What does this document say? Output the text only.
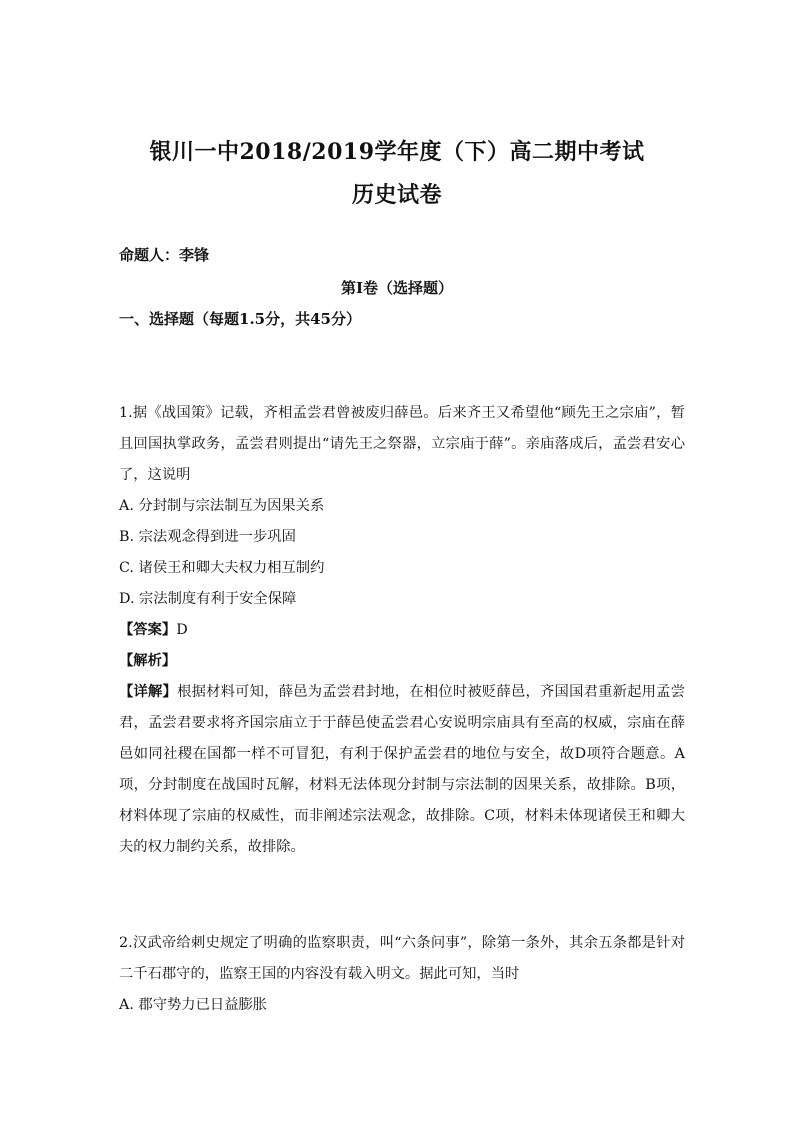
银川一中2018/2019学年度（下）高二期中考试
历史试卷
命题人：李锋
第Ⅰ卷（选择题）
一、选择题（每题1.5分，共45分）

1.据《战国策》记载，齐相孟尝君曾被废归薛邑。后来齐王又希望他“顾先王之宗庙”，暂且回国执掌政务，孟尝君则提出“请先王之祭器，立宗庙于薛”。亲庙落成后，孟尝君安心了，这说明

A. 分封制与宗法制互为因果关系
B. 宗法观念得到进一步巩固
C. 诸侯王和卿大夫权力相互制约
D. 宗法制度有利于安全保障

【答案】D

【解析】

【详解】根据材料可知，薛邑为孟尝君封地，在相位时被贬薛邑，齐国国君重新起用孟尝君，孟尝君要求将齐国宗庙立于于薛邑使孟尝君心安说明宗庙具有至高的权威，宗庙在薛邑如同社稷在国都一样不可冒犯，有利于保护孟尝君的地位与安全，故D项符合题意。A项，分封制度在战国时瓦解，材料无法体现分封制与宗法制的因果关系，故排除。B项，材料体现了宗庙的权威性，而非阐述宗法观念，故排除。C项，材料未体现诸侯王和卿大夫的权力制约关系，故排除。

2.汉武帝给刺史规定了明确的监察职责，叫“六条问事”，除第一条外，其余五条都是针对二千石郡守的，监察王国的内容没有载入明文。据此可知，当时

A. 郡守势力已日益膨胀
